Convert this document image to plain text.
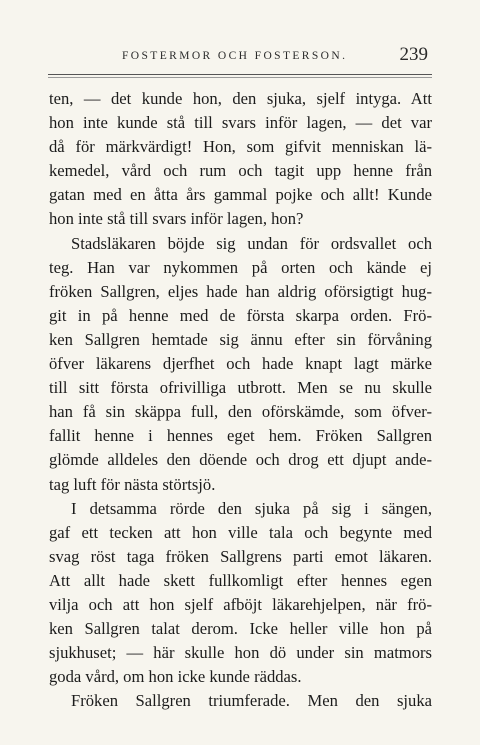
FOSTERMOR OCH FOSTERSON.	239
ten, — det kunde hon, den sjuka, sjelf intyga. Att
hon inte kunde stå till svars inför lagen, — det var
då för märkvärdigt! Hon, som gifvit menniskan lä-
kemedel, vård och rum och tagit upp henne från
gatan med en åtta års gammal pojke och allt! Kunde
hon inte stå till svars inför lagen, hon?
Stadsläkaren böjde sig undan för ordsvallet och
teg. Han var nykommen på orten och kände ej
fröken Sallgren, eljes hade han aldrig oförsigtigt hug-
git in på henne med de första skarpa orden. Frö-
ken Sallgren hemtade sig ännu efter sin förvåning
öfver läkarens djerfhet och hade knapt lagt märke
till sitt första ofrivilliga utbrott. Men se nu skulle
han få sin skäppa full, den oförskämde, som öfver-
fallit henne i hennes eget hem. Fröken Sallgren
glömde alldeles den döende och drog ett djupt ande-
tag luft för nästa störtsjö.
I detsamma rörde den sjuka på sig i sängen,
gaf ett tecken att hon ville tala och begynte med
svag röst taga fröken Sallgrens parti emot läkaren.
Att allt hade skett fullkomligt efter hennes egen
vilja och att hon sjelf afböjt läkarehjelpen, när frö-
ken Sallgren talat derom. Icke heller ville hon på
sjukhuset; — här skulle hon dö under sin matmors
goda vård, om hon icke kunde räddas.
Fröken Sallgren triumferade. Men den sjuka
